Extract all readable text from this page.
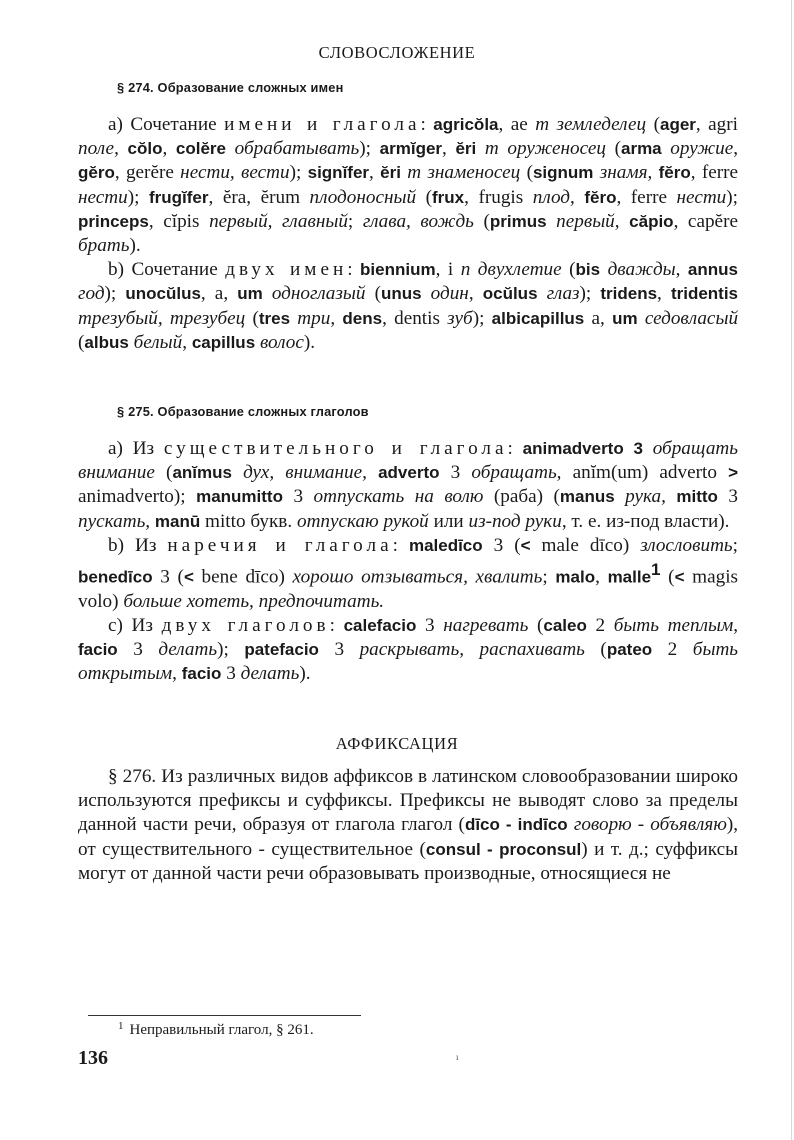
СЛОВОСЛОЖЕНИЕ
§ 274. Образование сложных имен

а) Сочетание имени и глагола: agricŏla, ae m земледелец (ager, agri поле, cŏlo, colĕre обрабатывать); armĭger, ĕri m оруженосец (arma оружие, gĕro, gerĕre нести, вести); signĭfer, ĕri m знаменосец (signum знамя, fĕro, ferre нести); frugĭfer, ĕra, ĕrum плодоносный (frux, frugis плод, fĕro, ferre нести); princeps, cĭpis первый, главный; глава, вождь (primus первый, căpio, capĕre брать).

b) Сочетание двух имен: biennium, i n двухлетие (bis дважды, annus год); unocŭlus, a, um одноглазый (unus один, ocŭlus глаз); tridens, tridentis трезубый, трезубец (tres три, dens, dentis зуб); albicapillus a, um седовласый (albus белый, capillus волос).

§ 275. Образование сложных глаголов

а) Из существительного и глагола: animadverto 3 обращать внимание (anĭmus дух, внимание, adverto 3 обращать, anĭm(um) adverto > animadverto); manumitto 3 отпускать на волю (раба) (manus рука, mitto 3 пускать, manū mitto букв. отпускаю рукой или из-под руки, т. е. из-под власти).

b) Из наречия и глагола: maledīco 3 (< male dīco) злословить; benedīco 3 (< bene dīco) хорошо отзываться, хвалить; malo, malle$^1$ (< magis volo) больше хотеть, предпочитать.

c) Из двух глаголов: calefacio 3 нагревать (caleo 2 быть теплым, facio 3 делать); patefacio 3 раскрывать, распахивать (pateo 2 быть открытым, facio 3 делать).

АФФИКСАЦИЯ

§ 276. Из различных видов аффиксов в латинском словообразовании широко используются префиксы и суффиксы. Префиксы не выводят слово за пределы данной части речи, образуя от глагола глагол (dīco - indīco говорю - объявляю), от существительного - существительное (consul - proconsul) и т. д.; суффиксы могут от данной части речи образовывать производные, относящиеся не

$^1$ Неправильный глагол, § 261.
136	ı
